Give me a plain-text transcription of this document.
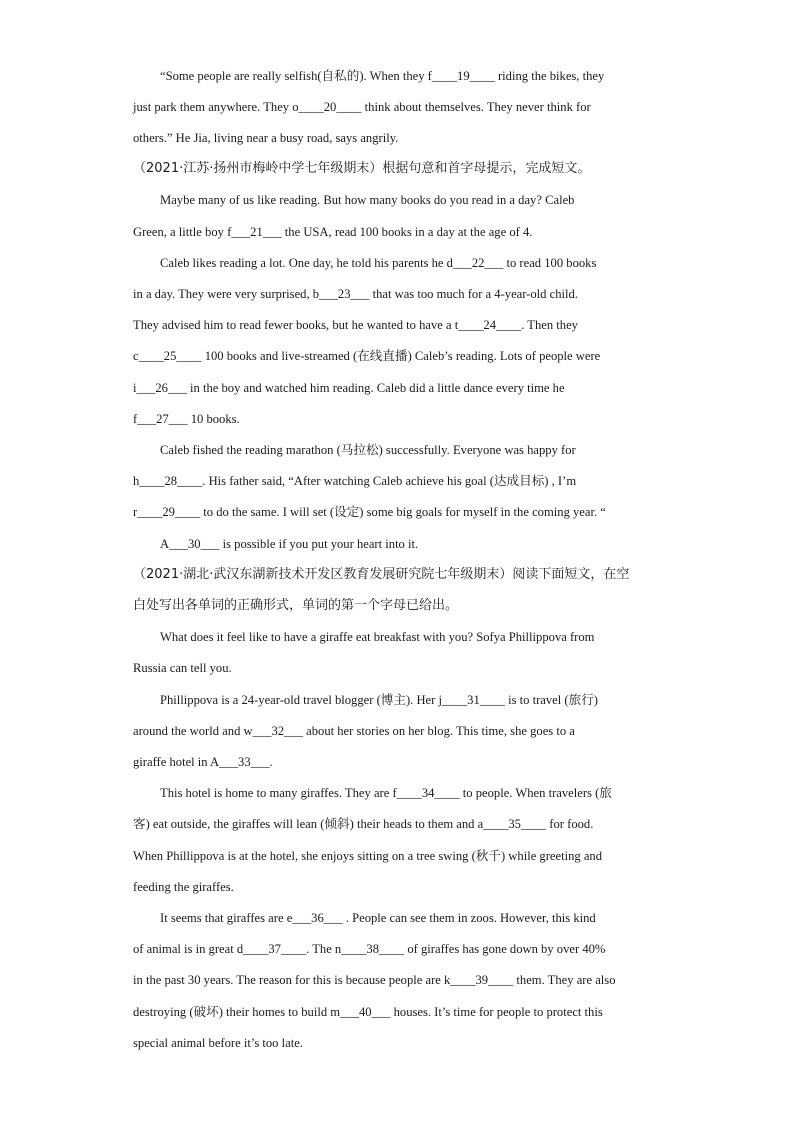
“Some people are really selfish(自私的). When they f____19____ riding the bikes, they
just park them anywhere. They o____20____ think about themselves. They never think for
others.” He Jia, living near a busy road, says angrily.
（2021·江苏·扬州市梅岭中学七年级期末）根据句意和首字母提示，完成短文。
Maybe many of us like reading. But how many books do you read in a day? Caleb
Green, a little boy f___21___ the USA, read 100 books in a day at the age of 4.
Caleb likes reading a lot. One day, he told his parents he d___22___ to read 100 books
in a day. They were very surprised, b___23___ that was too much for a 4-year-old child.
They advised him to read fewer books, but he wanted to have a t____24____. Then they
c____25____ 100 books and live-streamed (在线直播) Caleb’s reading. Lots of people were
i___26___ in the boy and watched him reading. Caleb did a little dance every time he
f___27___ 10 books.
Caleb fished the reading marathon (马拉松) successfully. Everyone was happy for
h____28____. His father said, “After watching Caleb achieve his goal (达成目标) , I’m
r____29____ to do the same. I will set (设定) some big goals for myself in the coming year. “
A___30___ is possible if you put your heart into it.
（2021·湖北·武汉东湖新技术开发区教育发展研究院七年级期末）阅读下面短文，在空
白处写出各单词的正确形式，单词的第一个字母已给出。
What does it feel like to have a giraffe eat breakfast with you? Sofya Phillippova from
Russia can tell you.
Phillippova is a 24-year-old travel blogger (博主). Her j____31____ is to travel (旅行)
around the world and w___32___ about her stories on her blog. This time, she goes to a
giraffe hotel in A___33___.
This hotel is home to many giraffes. They are f____34____ to people. When travelers (旅
客) eat outside, the giraffes will lean (倾斜) their heads to them and a____35____ for food.
When Phillippova is at the hotel, she enjoys sitting on a tree swing (秋千) while greeting and
feeding the giraffes.
It seems that giraffes are e___36___ . People can see them in zoos. However, this kind
of animal is in great d____37____. The n____38____ of giraffes has gone down by over 40%
in the past 30 years. The reason for this is because people are k____39____ them. They are also
destroying (破坏) their homes to build m___40___ houses. It’s time for people to protect this
special animal before it’s too late.
